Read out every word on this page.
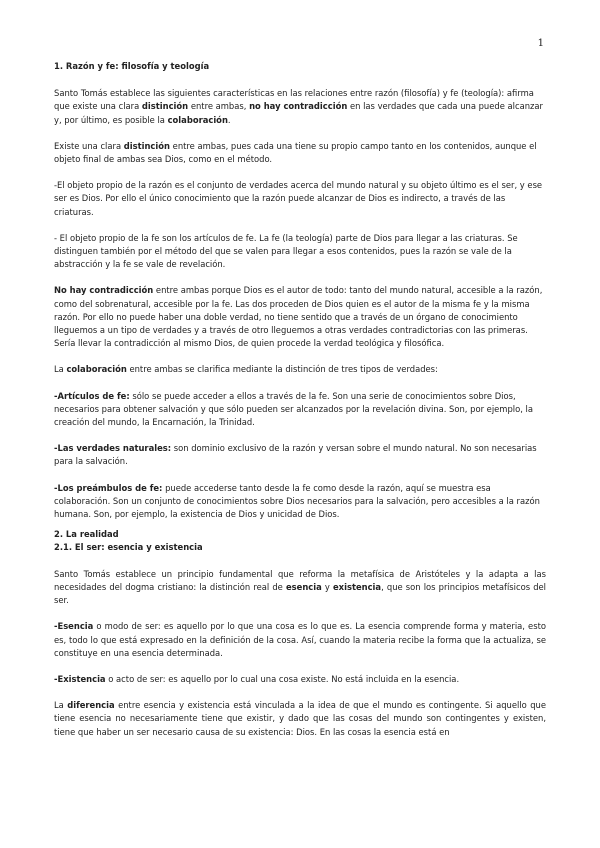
1

1. Razón y fe: filosofía y teología

Santo Tomás establece las siguientes características en las relaciones entre razón (filosofía) y fe (teología): afirma que existe una clara distinción entre ambas, no hay contradicción en las verdades que cada una puede alcanzar y, por último, es posible la colaboración.

Existe una clara distinción entre ambas, pues cada una tiene su propio campo tanto en los contenidos, aunque el objeto final de ambas sea Dios, como en el método.

-El objeto propio de la razón es el conjunto de verdades acerca del mundo natural y su objeto último es el ser, y ese ser es Dios. Por ello el único conocimiento que la razón puede alcanzar de Dios es indirecto, a través de las criaturas.

- El objeto propio de la fe son los artículos de fe. La fe (la teología) parte de Dios para llegar a las criaturas. Se distinguen también por el método del que se valen para llegar a esos contenidos, pues la razón se vale de la abstracción y la fe se vale de revelación.

No hay contradicción entre ambas porque Dios es el autor de todo: tanto del mundo natural, accesible a la razón, como del sobrenatural, accesible por la fe. Las dos proceden de Dios quien es el autor de la misma fe y la misma razón. Por ello no puede haber una doble verdad, no tiene sentido que a través de un órgano de conocimiento lleguemos a un tipo de verdades y a través de otro lleguemos a otras verdades contradictorias con las primeras. Sería llevar la contradicción al mismo Dios, de quien procede la verdad teológica y filosófica.

La colaboración entre ambas se clarifica mediante la distinción de tres tipos de verdades:

-Artículos de fe: sólo se puede acceder a ellos a través de la fe. Son una serie de conocimientos sobre Dios, necesarios para obtener salvación y que sólo pueden ser alcanzados por la revelación divina. Son, por ejemplo, la creación del mundo, la Encarnación, la Trinidad.

-Las verdades naturales: son dominio exclusivo de la razón y versan sobre el mundo natural. No son necesarias para la salvación.

-Los preámbulos de fe: puede accederse tanto desde la fe como desde la razón, aquí se muestra esa colaboración. Son un conjunto de conocimientos sobre Dios necesarios para la salvación, pero accesibles a la razón humana. Son, por ejemplo, la existencia de Dios y unicidad de Dios.

2. La realidad

2.1. El ser: esencia y existencia

Santo Tomás establece un principio fundamental que reforma la metafísica de Aristóteles y la adapta a las necesidades del dogma cristiano: la distinción real de esencia y existencia, que son los principios metafísicos del ser.

-Esencia o modo de ser: es aquello por lo que una cosa es lo que es. La esencia comprende forma y materia, esto es, todo lo que está expresado en la definición de la cosa. Así, cuando la materia recibe la forma que la actualiza, se constituye en una esencia determinada.

-Existencia o acto de ser: es aquello por lo cual una cosa existe. No está incluida en la esencia.

La diferencia entre esencia y existencia está vinculada a la idea de que el mundo es contingente. Si aquello que tiene esencia no necesariamente tiene que existir, y dado que las cosas del mundo son contingentes y existen, tiene que haber un ser necesario causa de su existencia: Dios. En las cosas la esencia está en
